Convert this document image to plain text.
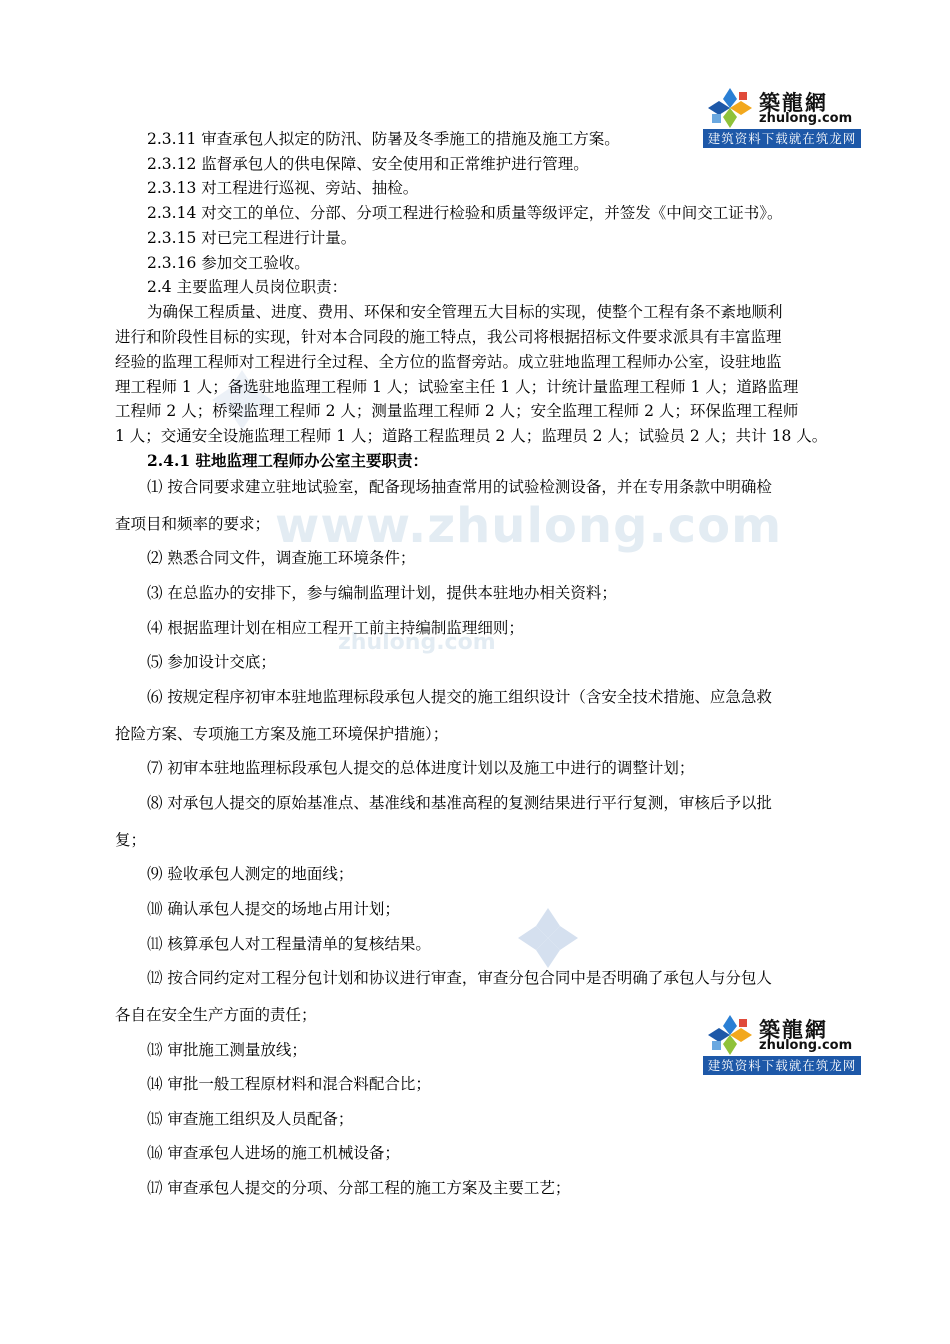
www.zhulong.com
zhulong.com
築龍網
zhulong.com
建筑资料下载就在筑龙网
築龍網
zhulong.com
建筑资料下载就在筑龙网
2.3.11 审查承包人拟定的防汛、防暑及冬季施工的措施及施工方案。
2.3.12 监督承包人的供电保障、安全使用和正常维护进行管理。
2.3.13 对工程进行巡视、旁站、抽检。
2.3.14 对交工的单位、分部、分项工程进行检验和质量等级评定，并签发《中间交工证书》。
2.3.15 对已完工程进行计量。
2.3.16 参加交工验收。
2.4 主要监理人员岗位职责：
为确保工程质量、进度、费用、环保和安全管理五大目标的实现，使整个工程有条不紊地顺利
进行和阶段性目标的实现，针对本合同段的施工特点，我公司将根据招标文件要求派具有丰富监理
经验的监理工程师对工程进行全过程、全方位的监督旁站。成立驻地监理工程师办公室，设驻地监
理工程师 1 人；备选驻地监理工程师 1 人；试验室主任 1 人；计统计量监理工程师 1 人；道路监理
工程师 2 人；桥梁监理工程师 2 人；测量监理工程师 2 人；安全监理工程师 2 人；环保监理工程师
1 人；交通安全设施监理工程师 1 人；道路工程监理员 2 人；监理员 2 人；试验员 2 人；共计 18 人。
2.4.1 驻地监理工程师办公室主要职责：
⑴ 按合同要求建立驻地试验室，配备现场抽查常用的试验检测设备，并在专用条款中明确检
查项目和频率的要求；
⑵ 熟悉合同文件，调查施工环境条件；
⑶ 在总监办的安排下，参与编制监理计划，提供本驻地办相关资料；
⑷ 根据监理计划在相应工程开工前主持编制监理细则；
⑸ 参加设计交底；
⑹ 按规定程序初审本驻地监理标段承包人提交的施工组织设计（含安全技术措施、应急急救
抢险方案、专项施工方案及施工环境保护措施）；
⑺ 初审本驻地监理标段承包人提交的总体进度计划以及施工中进行的调整计划；
⑻ 对承包人提交的原始基准点、基准线和基准高程的复测结果进行平行复测，审核后予以批
复；
⑼ 验收承包人测定的地面线；
⑽ 确认承包人提交的场地占用计划；
⑾ 核算承包人对工程量清单的复核结果。
⑿ 按合同约定对工程分包计划和协议进行审查，审查分包合同中是否明确了承包人与分包人
各自在安全生产方面的责任；
⒀ 审批施工测量放线；
⒁ 审批一般工程原材料和混合料配合比；
⒂ 审查施工组织及人员配备；
⒃ 审查承包人进场的施工机械设备；
⒄ 审查承包人提交的分项、分部工程的施工方案及主要工艺；
